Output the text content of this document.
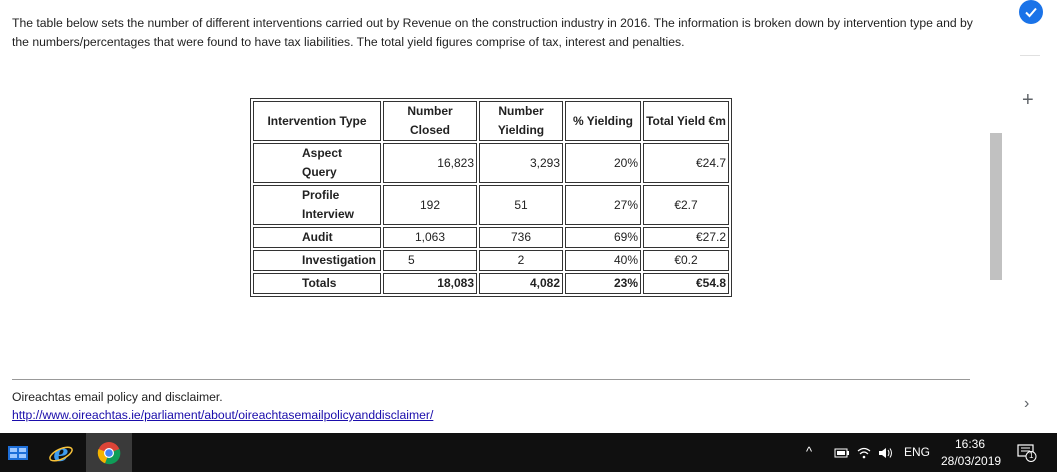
The table below sets the number of different interventions carried out by Revenue on the construction industry in 2016. The information is broken down by intervention type and by the numbers/percentages that were found to have tax liabilities. The total yield figures comprise of tax, interest and penalties.
+
›
Intervention Type	Number Closed	Number Yielding	% Yielding	Total Yield €m
Aspect Query	16,823	3,293	20%	€24.7
Profile Interview	192	51	27%	€2.7
Audit	1,063	736	69%	€27.2
Investigation	5	2	40%	€0.2
Totals	18,083	4,082	23%	€54.8
Oireachtas email policy and disclaimer.
http://www.oireachtas.ie/parliament/about/oireachtasemailpolicyanddisclaimer/
e	^	ENG
16:36
28/03/2019	1
